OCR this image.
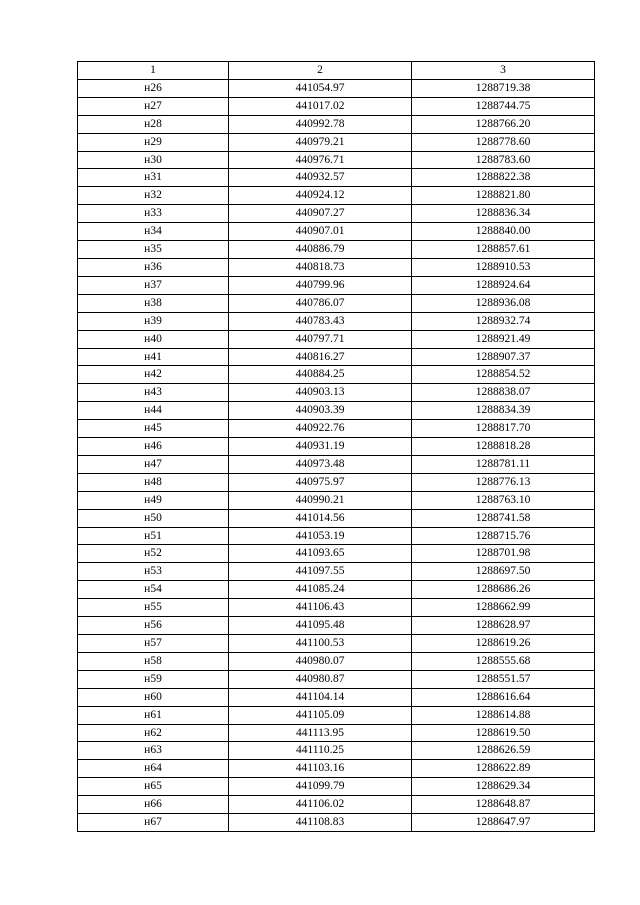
1	2	3
н26	441054.97	1288719.38
н27	441017.02	1288744.75
н28	440992.78	1288766.20
н29	440979.21	1288778.60
н30	440976.71	1288783.60
н31	440932.57	1288822.38
н32	440924.12	1288821.80
н33	440907.27	1288836.34
н34	440907.01	1288840.00
н35	440886.79	1288857.61
н36	440818.73	1288910.53
н37	440799.96	1288924.64
н38	440786.07	1288936.08
н39	440783.43	1288932.74
н40	440797.71	1288921.49
н41	440816.27	1288907.37
н42	440884.25	1288854.52
н43	440903.13	1288838.07
н44	440903.39	1288834.39
н45	440922.76	1288817.70
н46	440931.19	1288818.28
н47	440973.48	1288781.11
н48	440975.97	1288776.13
н49	440990.21	1288763.10
н50	441014.56	1288741.58
н51	441053.19	1288715.76
н52	441093.65	1288701.98
н53	441097.55	1288697.50
н54	441085.24	1288686.26
н55	441106.43	1288662.99
н56	441095.48	1288628.97
н57	441100.53	1288619.26
н58	440980.07	1288555.68
н59	440980.87	1288551.57
н60	441104.14	1288616.64
н61	441105.09	1288614.88
н62	441113.95	1288619.50
н63	441110.25	1288626.59
н64	441103.16	1288622.89
н65	441099.79	1288629.34
н66	441106.02	1288648.87
н67	441108.83	1288647.97
